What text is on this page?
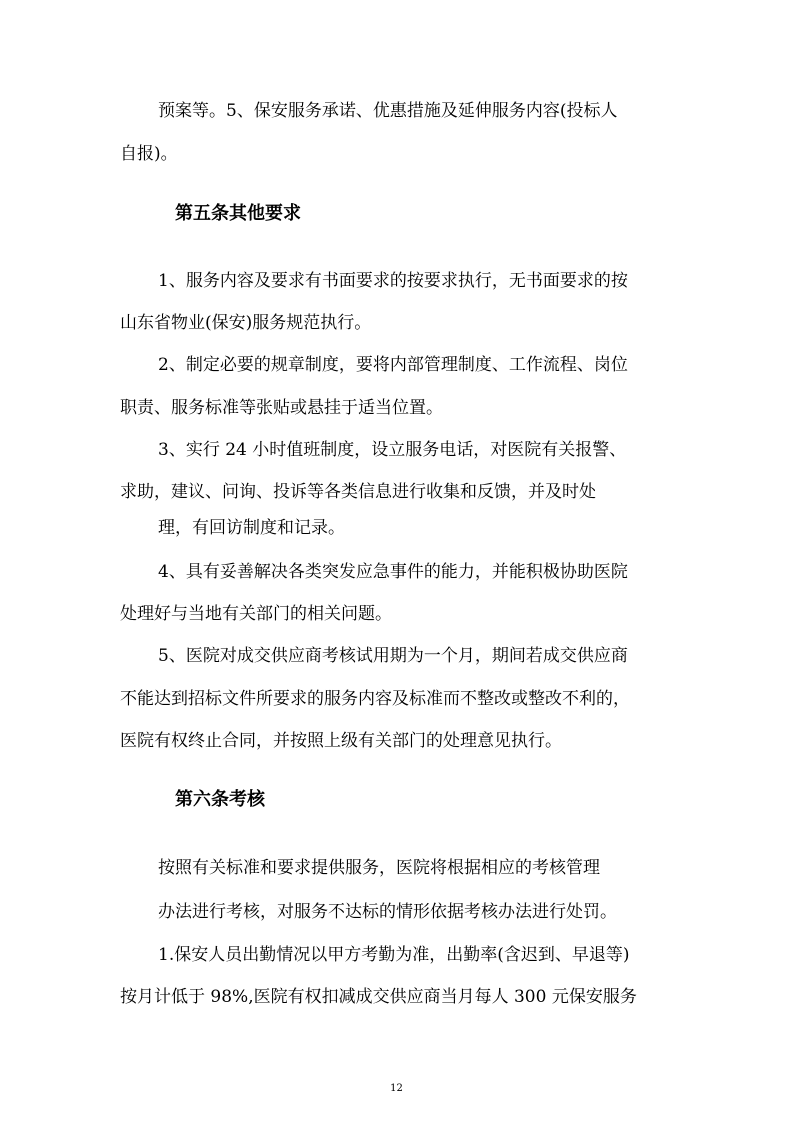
预案等。5、保安服务承诺、优惠措施及延伸服务内容(投标人
自报)。
第五条其他要求
1、服务内容及要求有书面要求的按要求执行，无书面要求的按
山东省物业(保安)服务规范执行。
2、制定必要的规章制度，要将内部管理制度、工作流程、岗位
职责、服务标准等张贴或悬挂于适当位置。
3、实行 24 小时值班制度，设立服务电话，对医院有关报警、
求助，建议、问询、投诉等各类信息进行收集和反馈，并及时处
理，有回访制度和记录。
4、具有妥善解决各类突发应急事件的能力，并能积极协助医院
处理好与当地有关部门的相关问题。
5、医院对成交供应商考核试用期为一个月，期间若成交供应商
不能达到招标文件所要求的服务内容及标准而不整改或整改不利的，
医院有权终止合同，并按照上级有关部门的处理意见执行。
第六条考核
按照有关标准和要求提供服务，医院将根据相应的考核管理
办法进行考核，对服务不达标的情形依据考核办法进行处罚。
1.保安人员出勤情况以甲方考勤为准，出勤率(含迟到、早退等)
按月计低于 98%,医院有权扣减成交供应商当月每人 300 元保安服务
12
